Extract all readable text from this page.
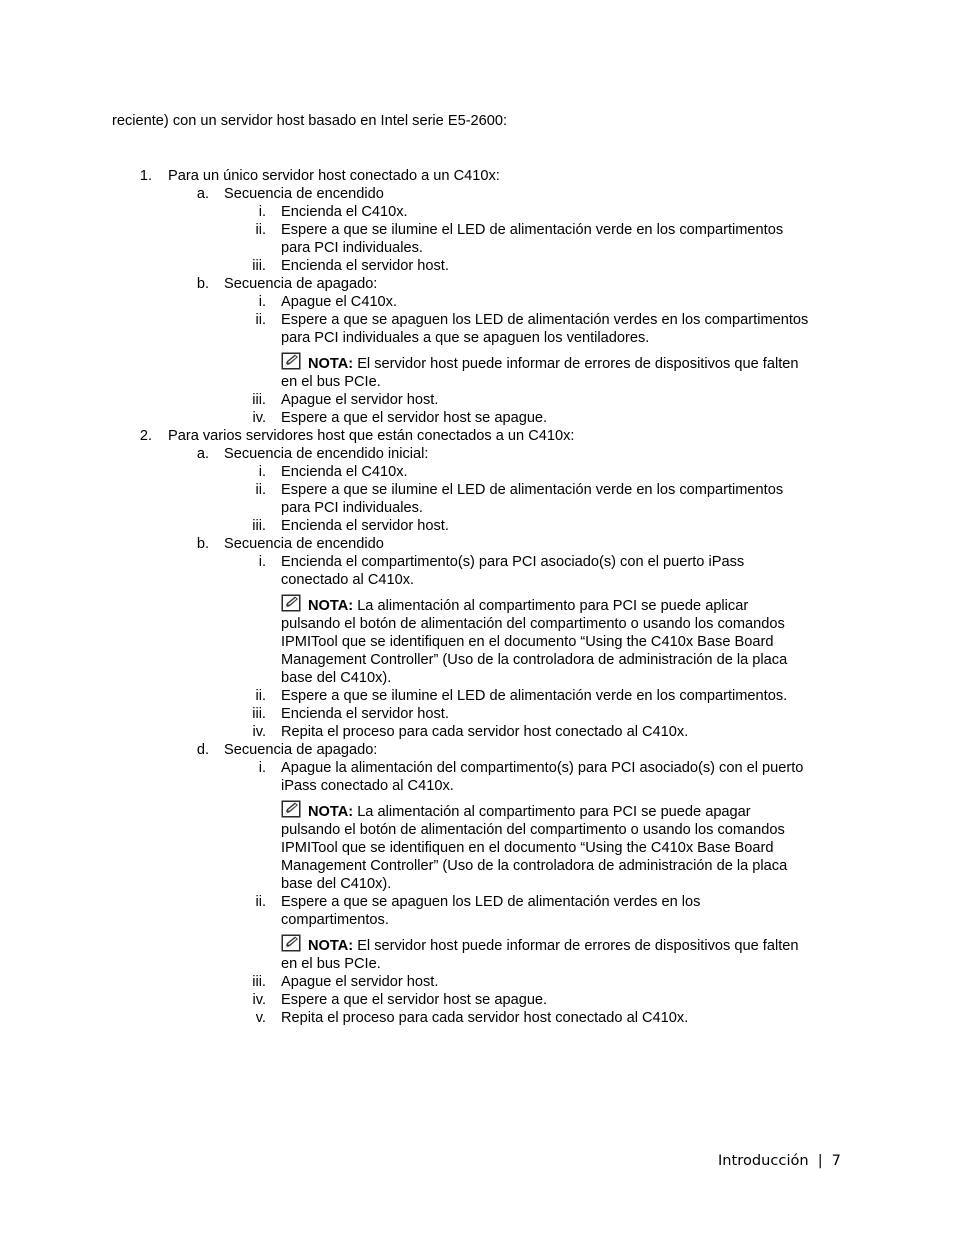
reciente) con un servidor host basado en Intel serie E5-2600:
1. Para un único servidor host conectado a un C410x:
a. Secuencia de encendido
i. Encienda el C410x.
ii. Espere a que se ilumine el LED de alimentación verde en los compartimentos
para PCI individuales.
iii. Encienda el servidor host.
b. Secuencia de apagado:
i. Apague el C410x.
ii. Espere a que se apaguen los LED de alimentación verdes en los compartimentos
para PCI individuales a que se apaguen los ventiladores.
NOTA: El servidor host puede informar de errores de dispositivos que falten
en el bus PCIe.
iii. Apague el servidor host.
iv. Espere a que el servidor host se apague.
2. Para varios servidores host que están conectados a un C410x:
a. Secuencia de encendido inicial:
i. Encienda el C410x.
ii. Espere a que se ilumine el LED de alimentación verde en los compartimentos
para PCI individuales.
iii. Encienda el servidor host.
b. Secuencia de encendido
i. Encienda el compartimento(s) para PCI asociado(s) con el puerto iPass
conectado al C410x.
NOTA: La alimentación al compartimento para PCI se puede aplicar
pulsando el botón de alimentación del compartimento o usando los comandos
IPMITool que se identifiquen en el documento “Using the C410x Base Board
Management Controller” (Uso de la controladora de administración de la placa
base del C410x).
ii. Espere a que se ilumine el LED de alimentación verde en los compartimentos.
iii. Encienda el servidor host.
iv. Repita el proceso para cada servidor host conectado al C410x.
d. Secuencia de apagado:
i. Apague la alimentación del compartimento(s) para PCI asociado(s) con el puerto
iPass conectado al C410x.
NOTA: La alimentación al compartimento para PCI se puede apagar
pulsando el botón de alimentación del compartimento o usando los comandos
IPMITool que se identifiquen en el documento “Using the C410x Base Board
Management Controller” (Uso de la controladora de administración de la placa
base del C410x).
ii. Espere a que se apaguen los LED de alimentación verdes en los
compartimentos.
NOTA: El servidor host puede informar de errores de dispositivos que falten
en el bus PCIe.
iii. Apague el servidor host.
iv. Espere a que el servidor host se apague.
v. Repita el proceso para cada servidor host conectado al C410x.
Introducción | 7
